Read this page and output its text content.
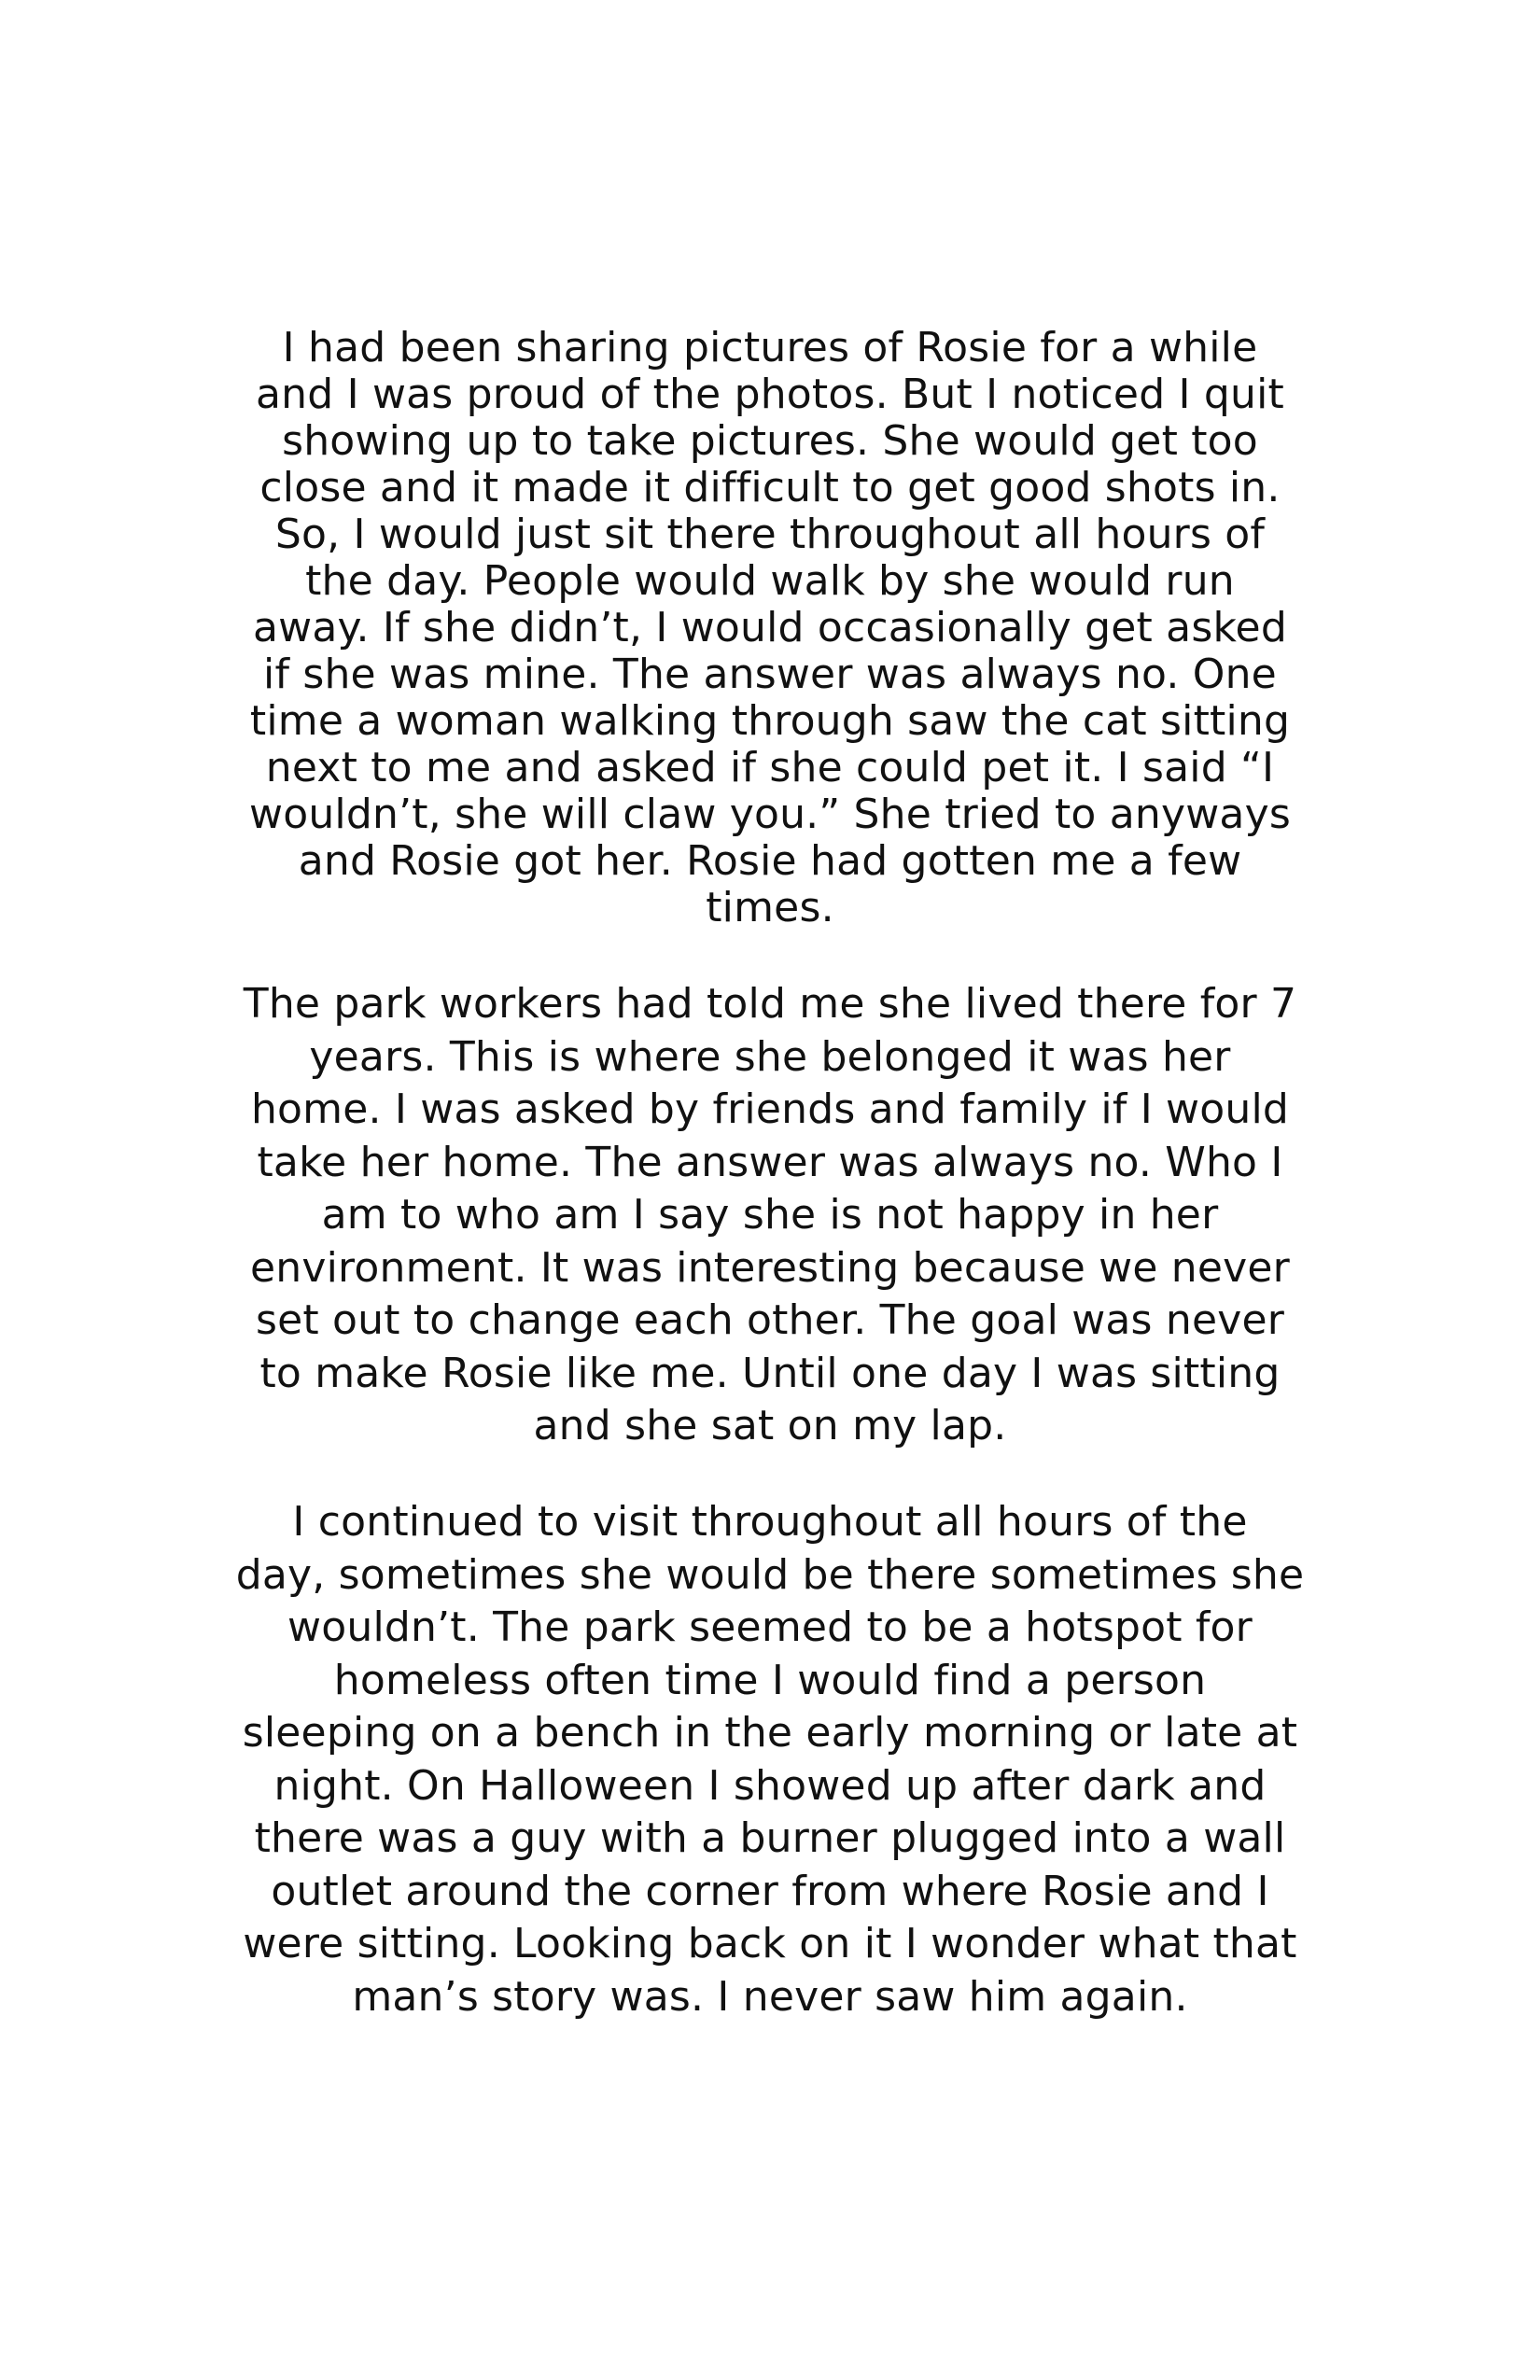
I had been sharing pictures of Rosie for a while
and I was proud of the photos. But I noticed I quit
showing up to take pictures. She would get too
close and it made it difficult to get good shots in.
So, I would just sit there throughout all hours of
the day. People would walk by she would run
away. If she didn’t, I would occasionally get asked
if she was mine. The answer was always no. One
time a woman walking through saw the cat sitting
next to me and asked if she could pet it. I said “I
wouldn’t, she will claw you.” She tried to anyways
and Rosie got her. Rosie had gotten me a few
times.

The park workers had told me she lived there for 7
years. This is where she belonged it was her
home. I was asked by friends and family if I would
take her home. The answer was always no. Who I
am to who am I say she is not happy in her
environment. It was interesting because we never
set out to change each other. The goal was never
to make Rosie like me. Until one day I was sitting
and she sat on my lap.

I continued to visit throughout all hours of the
day, sometimes she would be there sometimes she
wouldn’t. The park seemed to be a hotspot for
homeless often time I would find a person
sleeping on a bench in the early morning or late at
night. On Halloween I showed up after dark and
there was a guy with a burner plugged into a wall
outlet around the corner from where Rosie and I
were sitting. Looking back on it I wonder what that
man’s story was. I never saw him again.
